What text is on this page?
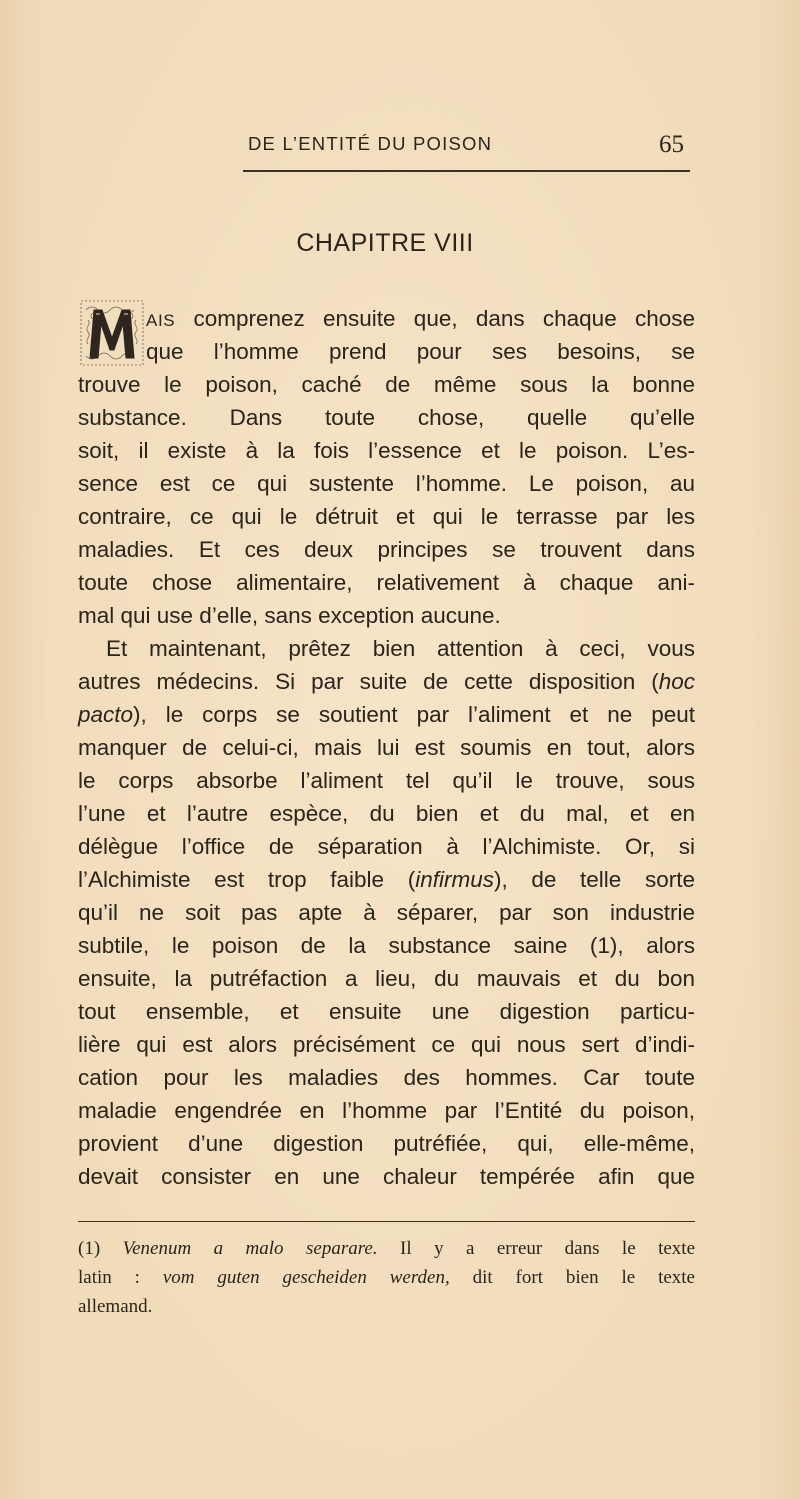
DE L’ENTITÉ DU POISON	65
CHAPITRE VIII
AIS comprenez ensuite que, dans chaque chose
que l’homme prend pour ses besoins, se
trouve le poison, caché de même sous la bonne
substance. Dans toute chose, quelle qu’elle
soit, il existe à la fois l’essence et le poison. L’es-
sence est ce qui sustente l’homme. Le poison, au
contraire, ce qui le détruit et qui le terrasse par les
maladies. Et ces deux principes se trouvent dans
toute chose alimentaire, relativement à chaque ani-
mal qui use d’elle, sans exception aucune.
Et maintenant, prêtez bien attention à ceci, vous
autres médecins. Si par suite de cette disposition (hoc
pacto), le corps se soutient par l’aliment et ne peut
manquer de celui-ci, mais lui est soumis en tout, alors
le corps absorbe l’aliment tel qu’il le trouve, sous
l’une et l’autre espèce, du bien et du mal, et en
délègue l’office de séparation à l’Alchimiste. Or, si
l’Alchimiste est trop faible (infirmus), de telle sorte
qu’il ne soit pas apte à séparer, par son industrie
subtile, le poison de la substance saine (1), alors
ensuite, la putréfaction a lieu, du mauvais et du bon
tout ensemble, et ensuite une digestion particu-
lière qui est alors précisément ce qui nous sert d’indi-
cation pour les maladies des hommes. Car toute
maladie engendrée en l’homme par l’Entité du poison,
provient d’une digestion putréfiée, qui, elle-même,
devait consister en une chaleur tempérée afin que
(1) Venenum a malo separare. Il y a erreur dans le texte
latin : vom guten gescheiden werden, dit fort bien le texte
allemand.
